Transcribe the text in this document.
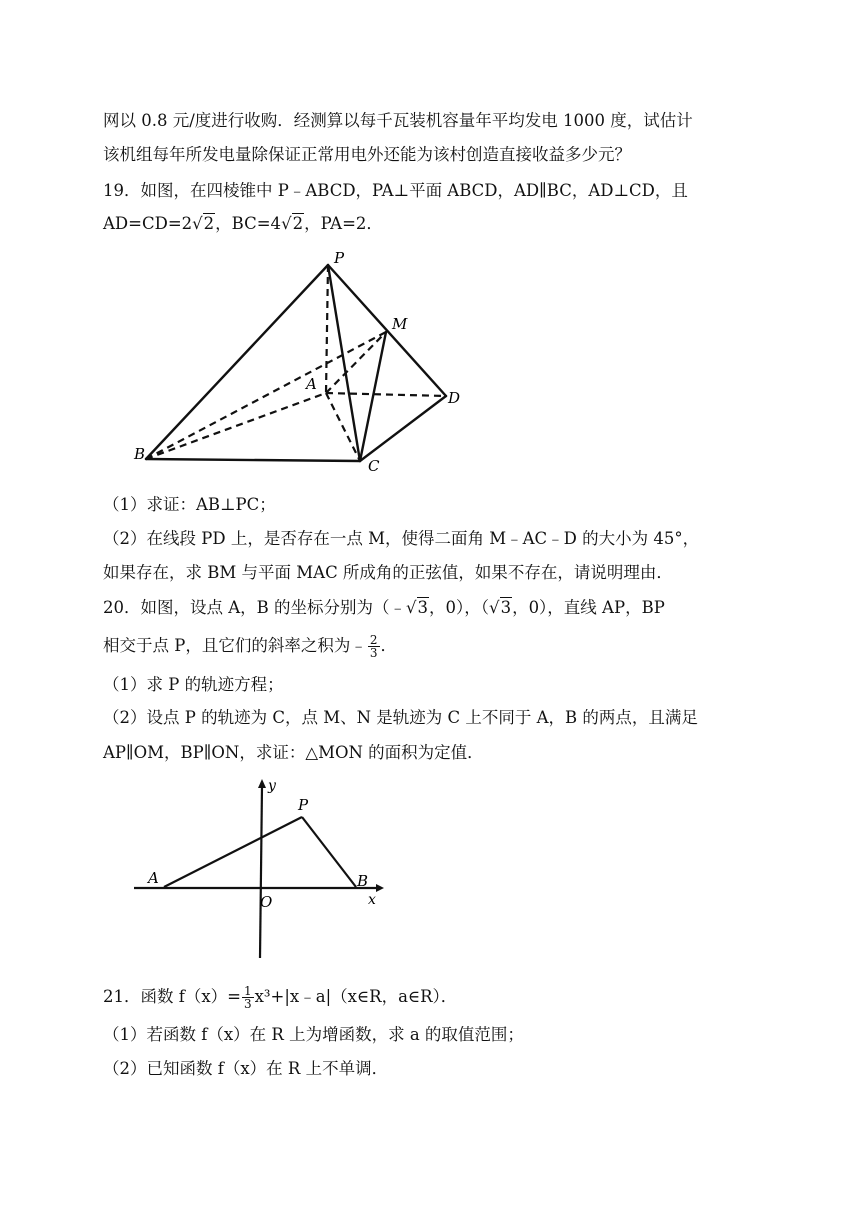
网以 0.8 元/度进行收购．经测算以每千瓦装机容量年平均发电 1000 度，试估计
该机组每年所发电量除保证正常用电外还能为该村创造直接收益多少元？
19．如图，在四棱锥中 P﹣ABCD，PA⊥平面 ABCD，AD∥BC，AD⊥CD，且
AD=CD=2√2，BC=4√2，PA=2．
P
M
A
D
B
C
（1）求证：AB⊥PC；
（2）在线段 PD 上，是否存在一点 M，使得二面角 M﹣AC﹣D 的大小为 45°，
如果存在，求 BM 与平面 MAC 所成角的正弦值，如果不存在，请说明理由．
20．如图，设点 A，B 的坐标分别为（﹣√3，0），（√3，0），直线 AP，BP
相交于点 P，且它们的斜率之积为﹣ $\frac{2}{3}$ ．
（1）求 P 的轨迹方程；
（2）设点 P 的轨迹为 C，点 M、N 是轨迹为 C 上不同于 A，B 的两点，且满足
AP∥OM，BP∥ON，求证：△MON 的面积为定值．
y
P
A	B
O	x
21．函数 $f(x)= \frac{1}{3}$ x³+|x﹣a|（x∈R，a∈R）．
（1）若函数 f（x）在 R 上为增函数，求 a 的取值范围；
（2）已知函数 f（x）在 R 上不单调．
